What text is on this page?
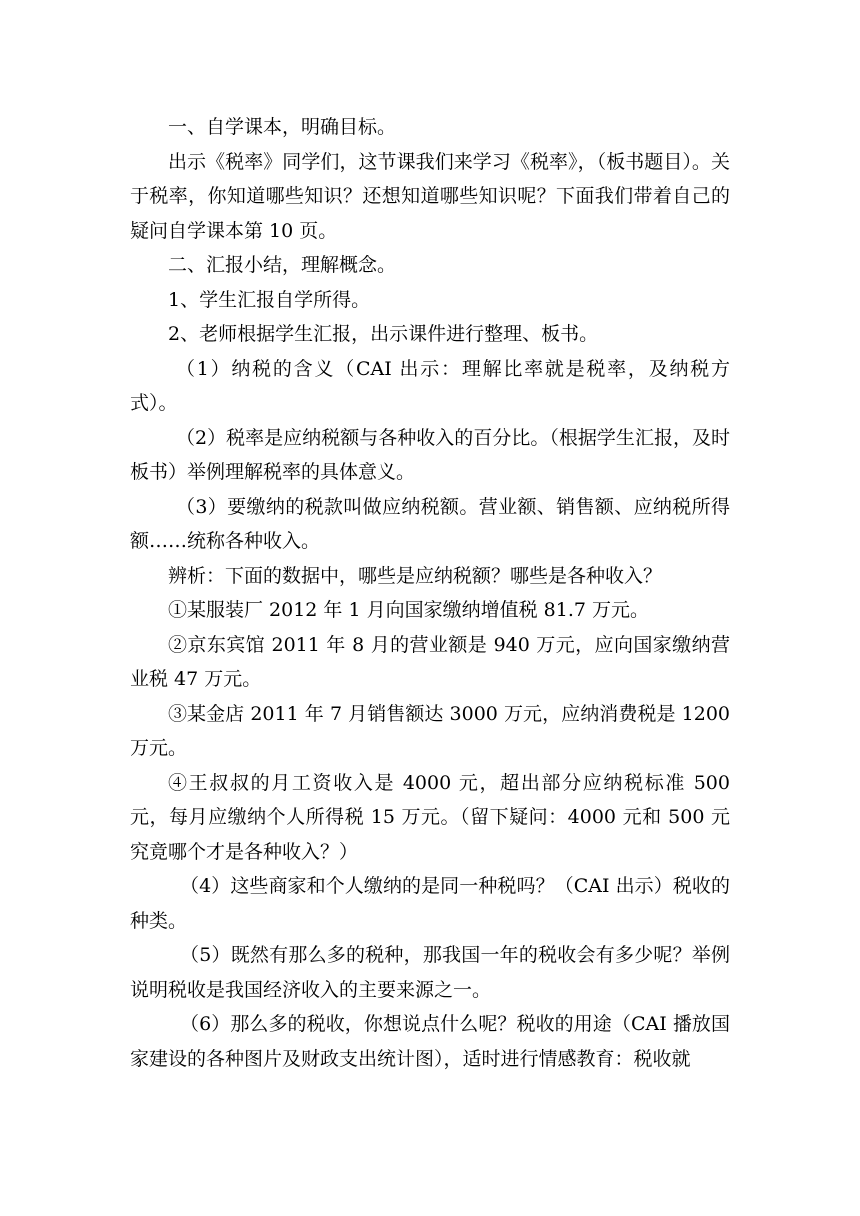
一、自学课本，明确目标。

出示《税率》同学们，这节课我们来学习《税率》，（板书题目）。关于税率，你知道哪些知识？还想知道哪些知识呢？下面我们带着自己的疑问自学课本第 10 页。

二、汇报小结，理解概念。

1、学生汇报自学所得。

2、老师根据学生汇报，出示课件进行整理、板书。

（1）纳税的含义（CAI 出示：理解比率就是税率，及纳税方式）。

（2）税率是应纳税额与各种收入的百分比。（根据学生汇报，及时板书）举例理解税率的具体意义。

（3）要缴纳的税款叫做应纳税额。营业额、销售额、应纳税所得额……统称各种收入。

辨析：下面的数据中，哪些是应纳税额？哪些是各种收入？

①某服装厂 2012 年 1 月向国家缴纳增值税 81.7 万元。

②京东宾馆 2011 年 8 月的营业额是 940 万元，应向国家缴纳营业税 47 万元。

③某金店 2011 年 7 月销售额达 3000 万元，应纳消费税是 1200 万元。

④王叔叔的月工资收入是 4000 元，超出部分应纳税标准 500 元，每月应缴纳个人所得税 15 万元。（留下疑问：4000 元和 500 元究竟哪个才是各种收入？）

（4）这些商家和个人缴纳的是同一种税吗？（CAI 出示）税收的种类。

（5）既然有那么多的税种，那我国一年的税收会有多少呢？举例说明税收是我国经济收入的主要来源之一。

（6）那么多的税收，你想说点什么呢？税收的用途（CAI 播放国家建设的各种图片及财政支出统计图），适时进行情感教育：税收就
